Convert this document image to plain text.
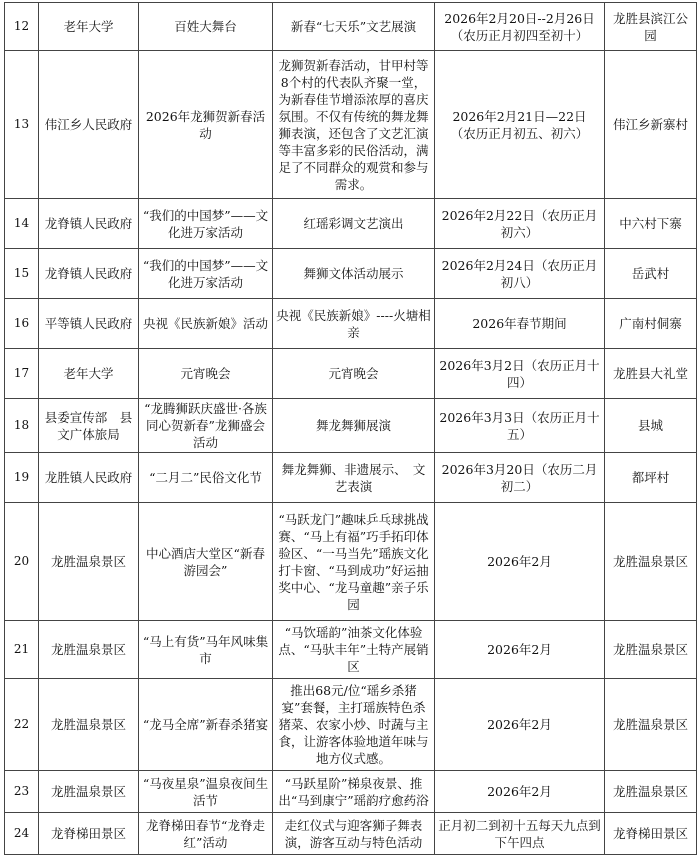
12	老年大学	百姓大舞台	新春“七天乐”文艺展演	2026年2月20日--2月26日（农历正月初四至初十）	龙胜县滨江公园
13	伟江乡人民政府	2026年龙狮贺新春活动	龙狮贺新春活动，甘甲村等8个村的代表队齐聚一堂，为新春佳节增添浓厚的喜庆氛围。不仅有传统的舞龙舞狮表演，还包含了文艺汇演等丰富多彩的民俗活动，满足了不同群众的观赏和参与需求。	2026年2月21日—22日 （农历正月初五、初六）	伟江乡新寨村
14	龙脊镇人民政府	“我们的中国梦”——文化进万家活动	红瑶彩调文艺演出	2026年2月22日（农历正月初六）	中六村下寨
15	龙脊镇人民政府	“我们的中国梦”——文化进万家活动	舞狮文体活动展示	2026年2月24日（农历正月初八）	岳武村
16	平等镇人民政府	央视《民族新娘》活动	央视《民族新娘》----火塘相亲	2026年春节期间	广南村侗寨
17	老年大学	元宵晚会	元宵晚会	2026年3月2日（农历正月十四）	龙胜县大礼堂
18	县委宣传部　县文广体旅局	“龙腾狮跃庆盛世·各族同心贺新春”龙狮盛会活动	舞龙舞狮展演	2026年3月3日（农历正月十五）	县城
19	龙胜镇人民政府	“二月二”民俗文化节	舞龙舞狮、非遗展示、　文艺表演	2026年3月20日（农历二月初二）	都坪村
20	龙胜温泉景区	中心酒店大堂区“新春游园会”	“马跃龙门”趣味乒乓球挑战赛、“马上有福”巧手拓印体验区、“一马当先”瑶族文化打卡窗、“马到成功”好运抽奖中心、“龙马童趣”亲子乐园	2026年2月	龙胜温泉景区
21	龙胜温泉景区	“马上有货”马年风味集市	“马饮瑶韵”油茶文化体验点、“马驮丰年”土特产展销区	2026年2月	龙胜温泉景区
22	龙胜温泉景区	“龙马全席”新春杀猪宴	推出68元/位“瑶乡杀猪宴”套餐，主打瑶族特色杀猪菜、农家小炒、时蔬与主食，让游客体验地道年味与地方仪式感。	2026年2月	龙胜温泉景区
23	龙胜温泉景区	“马夜星泉”温泉夜间生活节	“马跃星阶”梯泉夜景、推出“马到康宁”瑶韵疗愈药浴	2026年2月	龙胜温泉景区
24	龙脊梯田景区	龙脊梯田春节“龙脊走红”活动	走红仪式与迎客狮子舞表演，游客互动与特色活动	正月初二到初十五每天九点到下午四点	龙脊梯田景区
